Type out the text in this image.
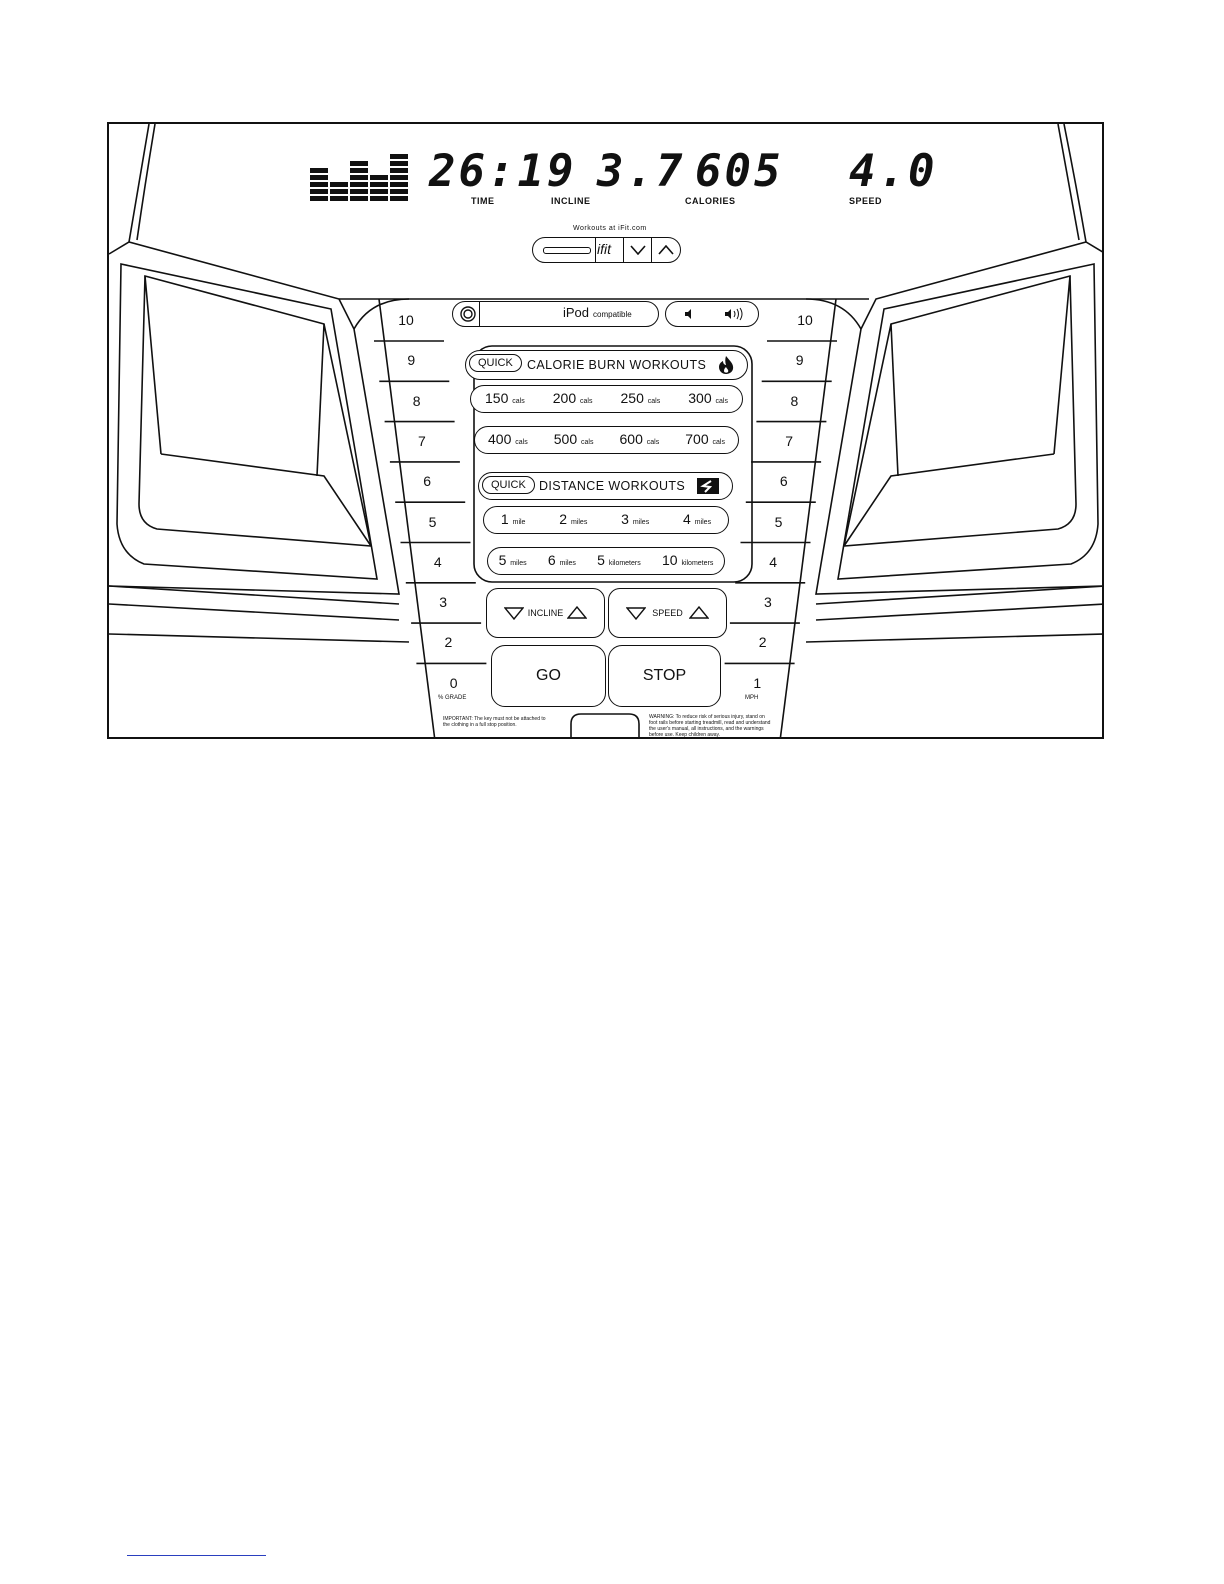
26:19
TIME
3.7
INCLINE
605
CALORIES
4.0
SPEED
Workouts at iFit.com
ifit
iPod compatible
10
9
8
7
6
5
4
3
2
0
10
9
8
7
6
5
4
3
2
1
% GRADE	MPH
QUICK	CALORIE BURN WORKOUTS
150 cals 200 cals 250 cals 300 cals
400 cals 500 cals 600 cals 700 cals
QUICK	DISTANCE WORKOUTS
1 mile 2 miles 3 miles 4 miles
5 miles 6 miles 5 kilometers 10 kilometers
INCLINE	SPEED
GO	STOP
IMPORTANT: The key must not be attached to the clothing in a full stop position.
WARNING: To reduce risk of serious injury, stand on foot rails before starting treadmill, read and understand the user's manual, all instructions, and the warnings before use. Keep children away.
